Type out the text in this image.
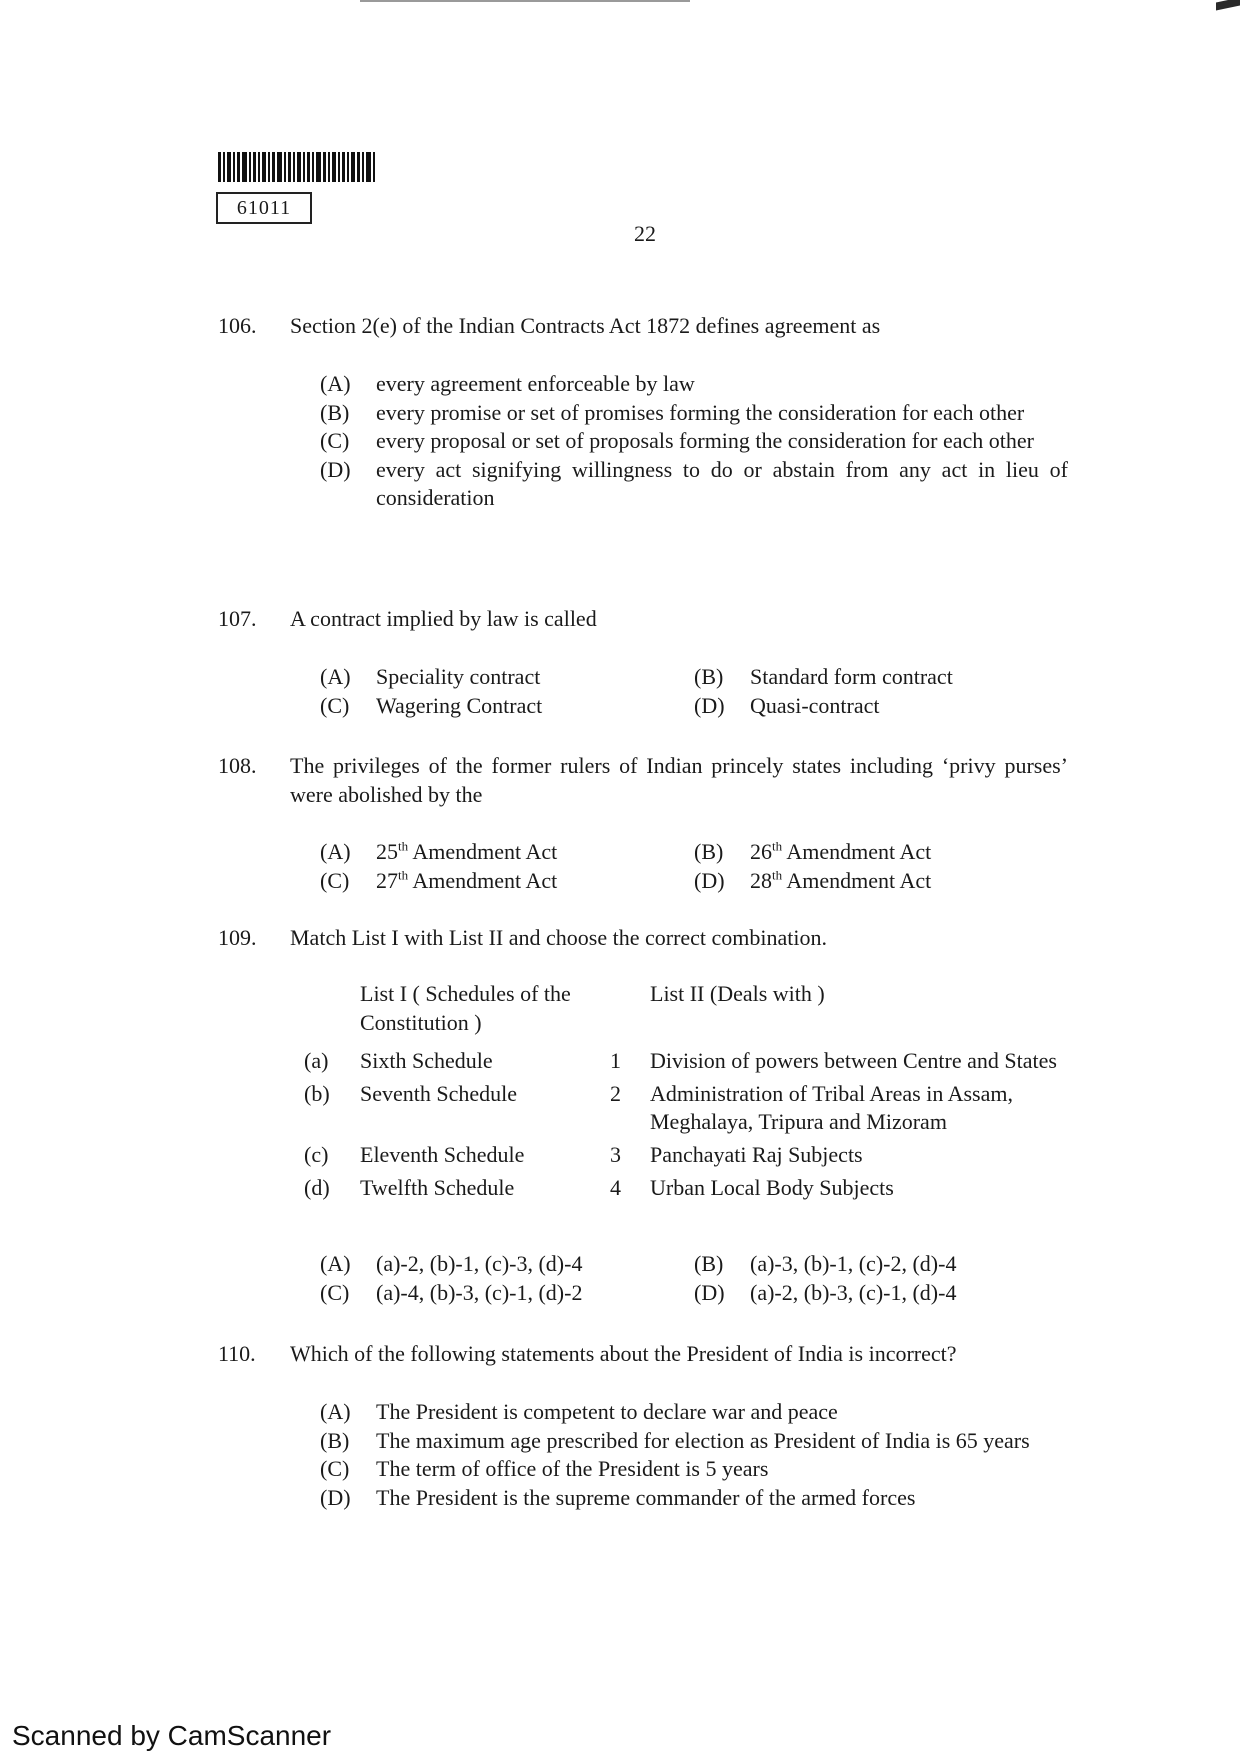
61011
22
106.	Section 2(e) of the Indian Contracts Act 1872 defines agreement as
(A)	every agreement enforceable by law
(B)	every promise or set of promises forming the consideration for each other
(C)	every proposal or set of proposals forming the consideration for each other
(D)	every act signifying willingness to do or abstain from any act in lieu of consideration
107.	A contract implied by law is called
(A)	Speciality contract	(B)	Standard form contract
(C)	Wagering Contract	(D)	Quasi-contract
108.	The privileges of the former rulers of Indian princely states including ‘privy purses’ were abolished by the
(A)	25th Amendment Act	(B)	26th Amendment Act
(C)	27th Amendment Act	(D)	28th Amendment Act
109.	Match List I with List II and choose the correct combination.
List I ( Schedules of the Constitution )
List II (Deals with )
(a)	Sixth Schedule	1	Division of powers between Centre and States
(b)	Seventh Schedule	2	Administration of Tribal Areas in Assam, Meghalaya, Tripura and Mizoram
(c)	Eleventh Schedule	3	Panchayati Raj Subjects
(d)	Twelfth Schedule	4	Urban Local Body Subjects
(A)	(a)-2, (b)-1, (c)-3, (d)-4	(B)	(a)-3, (b)-1, (c)-2, (d)-4
(C)	(a)-4, (b)-3, (c)-1, (d)-2	(D)	(a)-2, (b)-3, (c)-1, (d)-4
110.	Which of the following statements about the President of India is incorrect?
(A)	The President is competent to declare war and peace
(B)	The maximum age prescribed for election as President of India is 65 years
(C)	The term of office of the President is 5 years
(D)	The President is the supreme commander of the armed forces
Scanned by CamScanner
